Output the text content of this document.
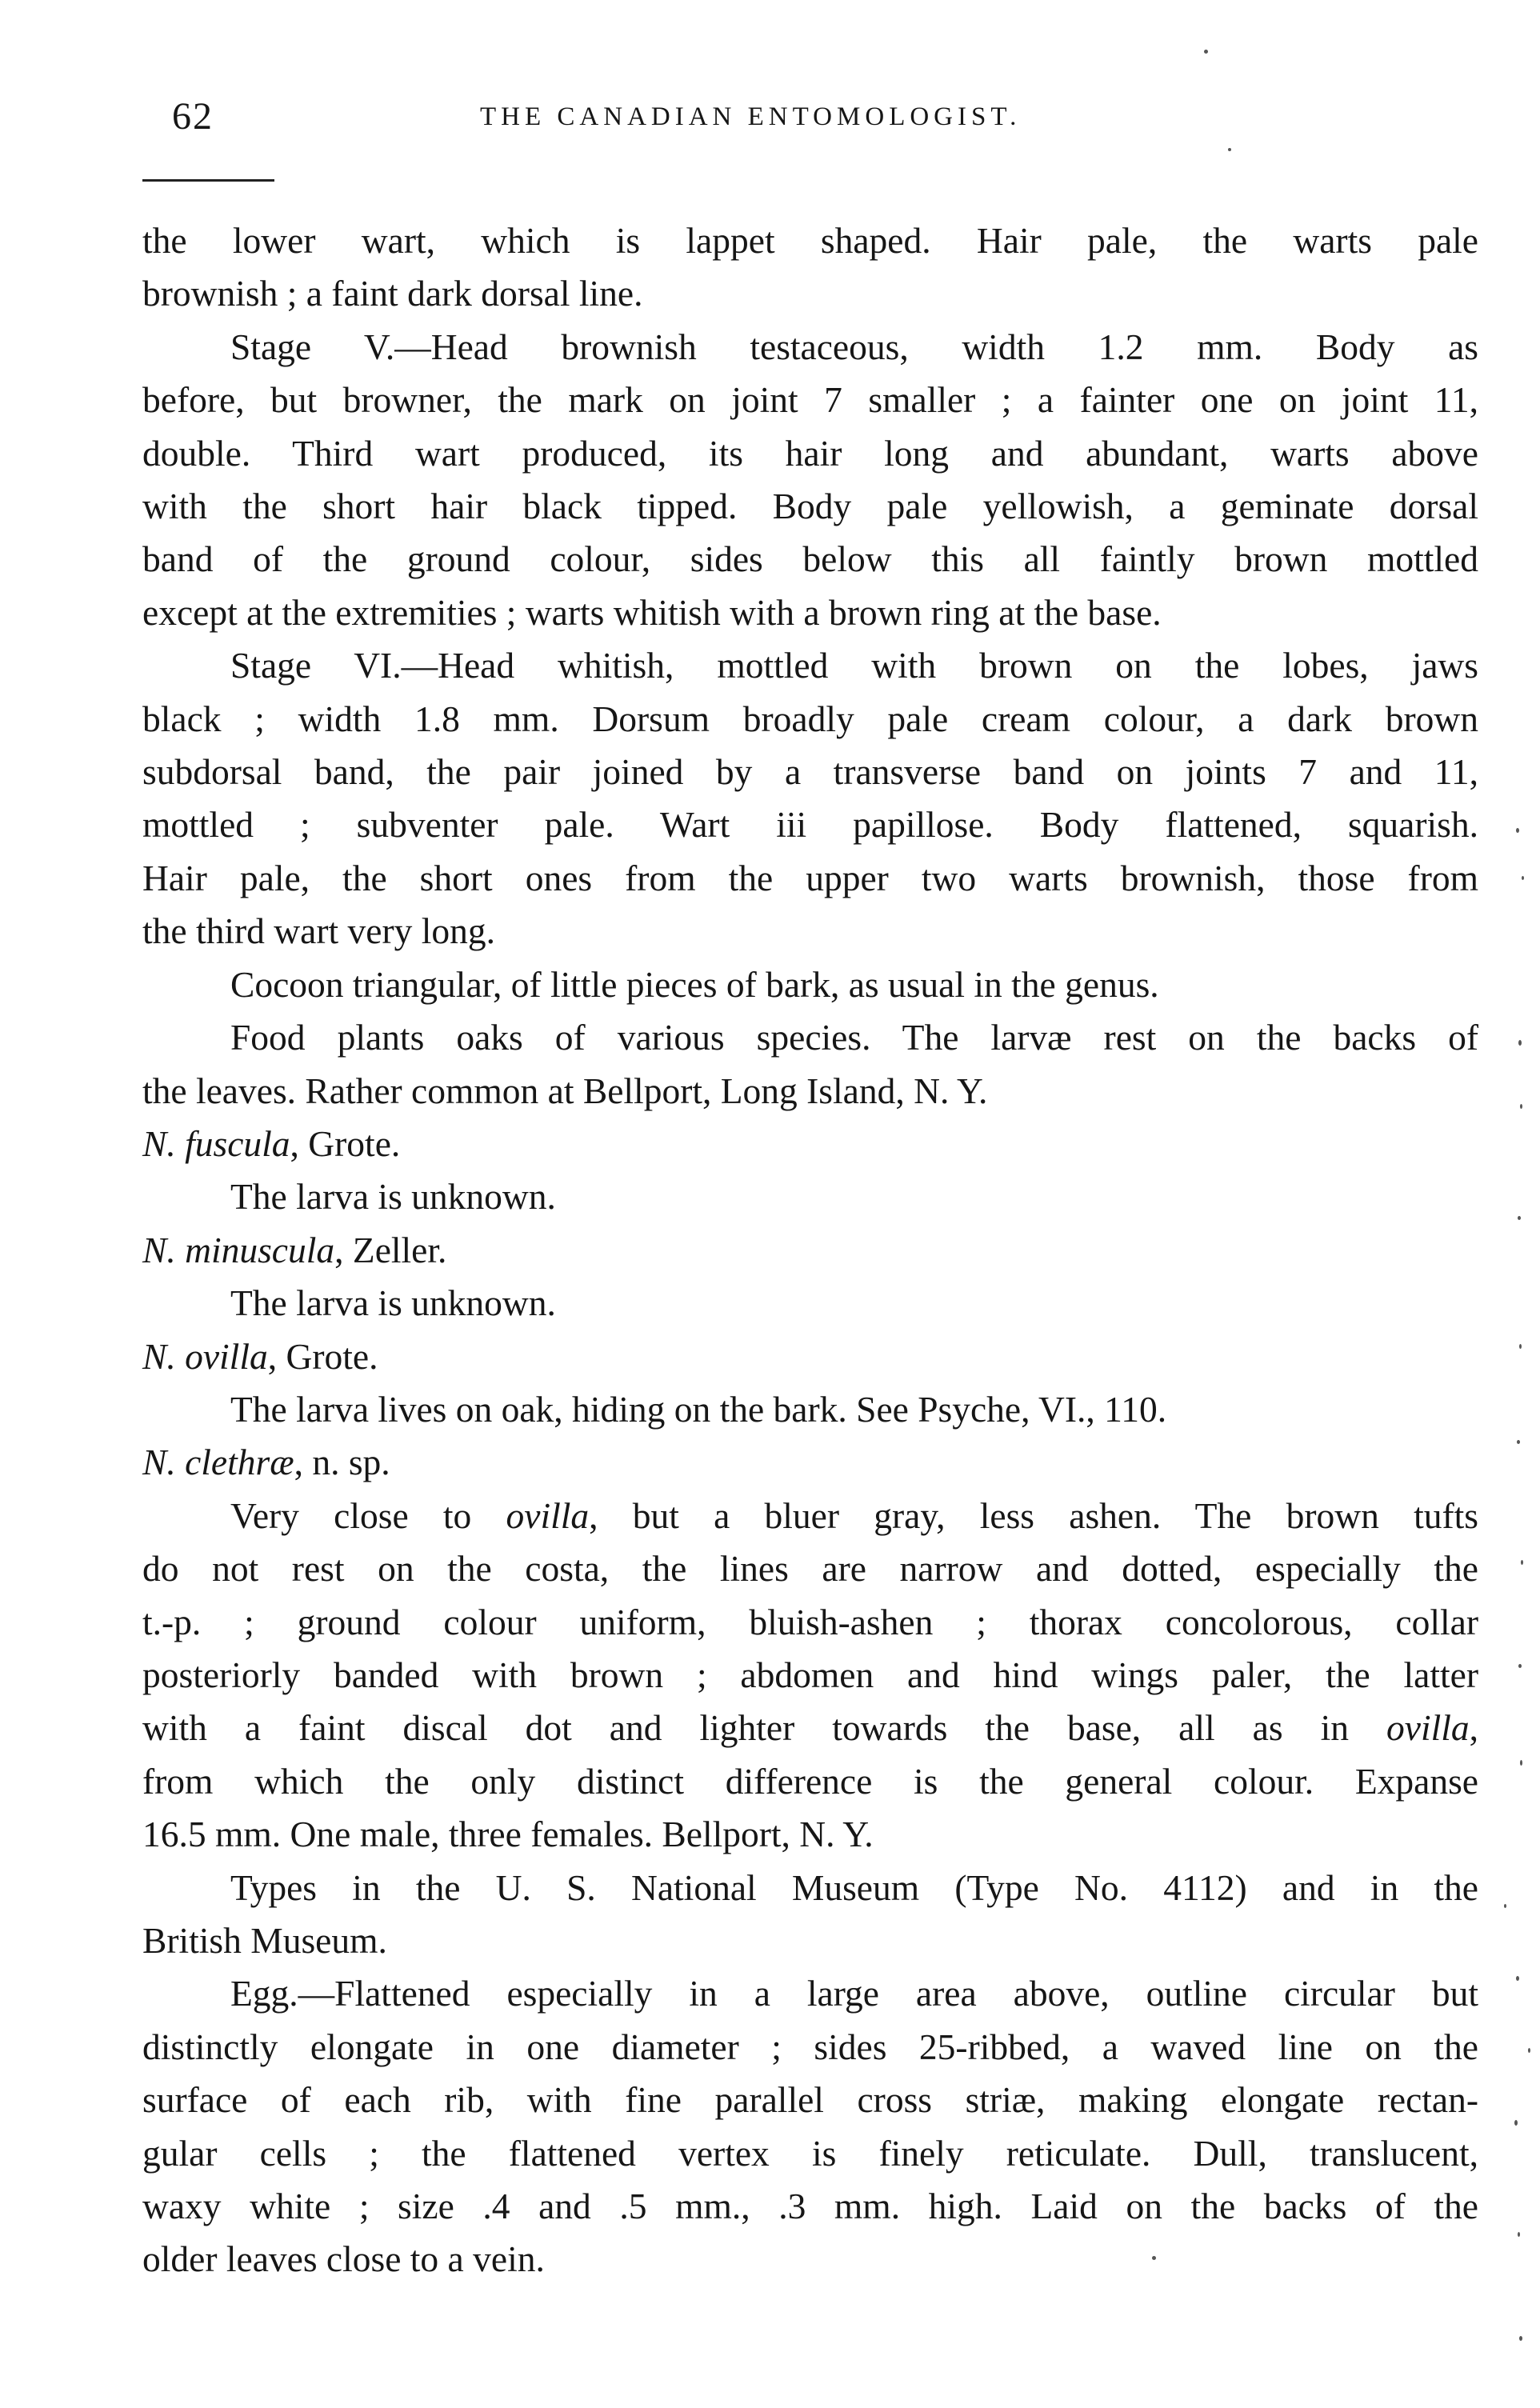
62	THE CANADIAN ENTOMOLOGIST.

the lower wart, which is lappet shaped. Hair pale, the warts pale

brownish ; a faint dark dorsal line.

Stage V.—Head brownish testaceous, width 1.2 mm. Body as

before, but browner, the mark on joint 7 smaller ; a fainter one on joint 11,

double. Third wart produced, its hair long and abundant, warts above

with the short hair black tipped. Body pale yellowish, a geminate dorsal

band of the ground colour, sides below this all faintly brown mottled

except at the extremities ; warts whitish with a brown ring at the base.

Stage VI.—Head whitish, mottled with brown on the lobes, jaws

black ; width 1.8 mm. Dorsum broadly pale cream colour, a dark brown

subdorsal band, the pair joined by a transverse band on joints 7 and 11,

mottled ; subventer pale. Wart iii papillose. Body flattened, squarish.

Hair pale, the short ones from the upper two warts brownish, those from

the third wart very long.

Cocoon triangular, of little pieces of bark, as usual in the genus.

Food plants oaks of various species. The larvæ rest on the backs of

the leaves. Rather common at Bellport, Long Island, N. Y.

N. fuscula, Grote.

The larva is unknown.

N. minuscula, Zeller.

The larva is unknown.

N. ovilla, Grote.

The larva lives on oak, hiding on the bark. See Psyche, VI., 110.

N. clethræ, n. sp.

Very close to ovilla, but a bluer gray, less ashen. The brown tufts

do not rest on the costa, the lines are narrow and dotted, especially the

t.-p. ; ground colour uniform, bluish-ashen ; thorax concolorous, collar

posteriorly banded with brown ; abdomen and hind wings paler, the latter

with a faint discal dot and lighter towards the base, all as in ovilla,

from which the only distinct difference is the general colour. Expanse

16.5 mm. One male, three females. Bellport, N. Y.

Types in the U. S. National Museum (Type No. 4112) and in the

British Museum.

Egg.—Flattened especially in a large area above, outline circular but

distinctly elongate in one diameter ; sides 25-ribbed, a waved line on the

surface of each rib, with fine parallel cross striæ, making elongate rectan-

gular cells ; the flattened vertex is finely reticulate. Dull, translucent,

waxy white ; size .4 and .5 mm., .3 mm. high. Laid on the backs of the

older leaves close to a vein.
